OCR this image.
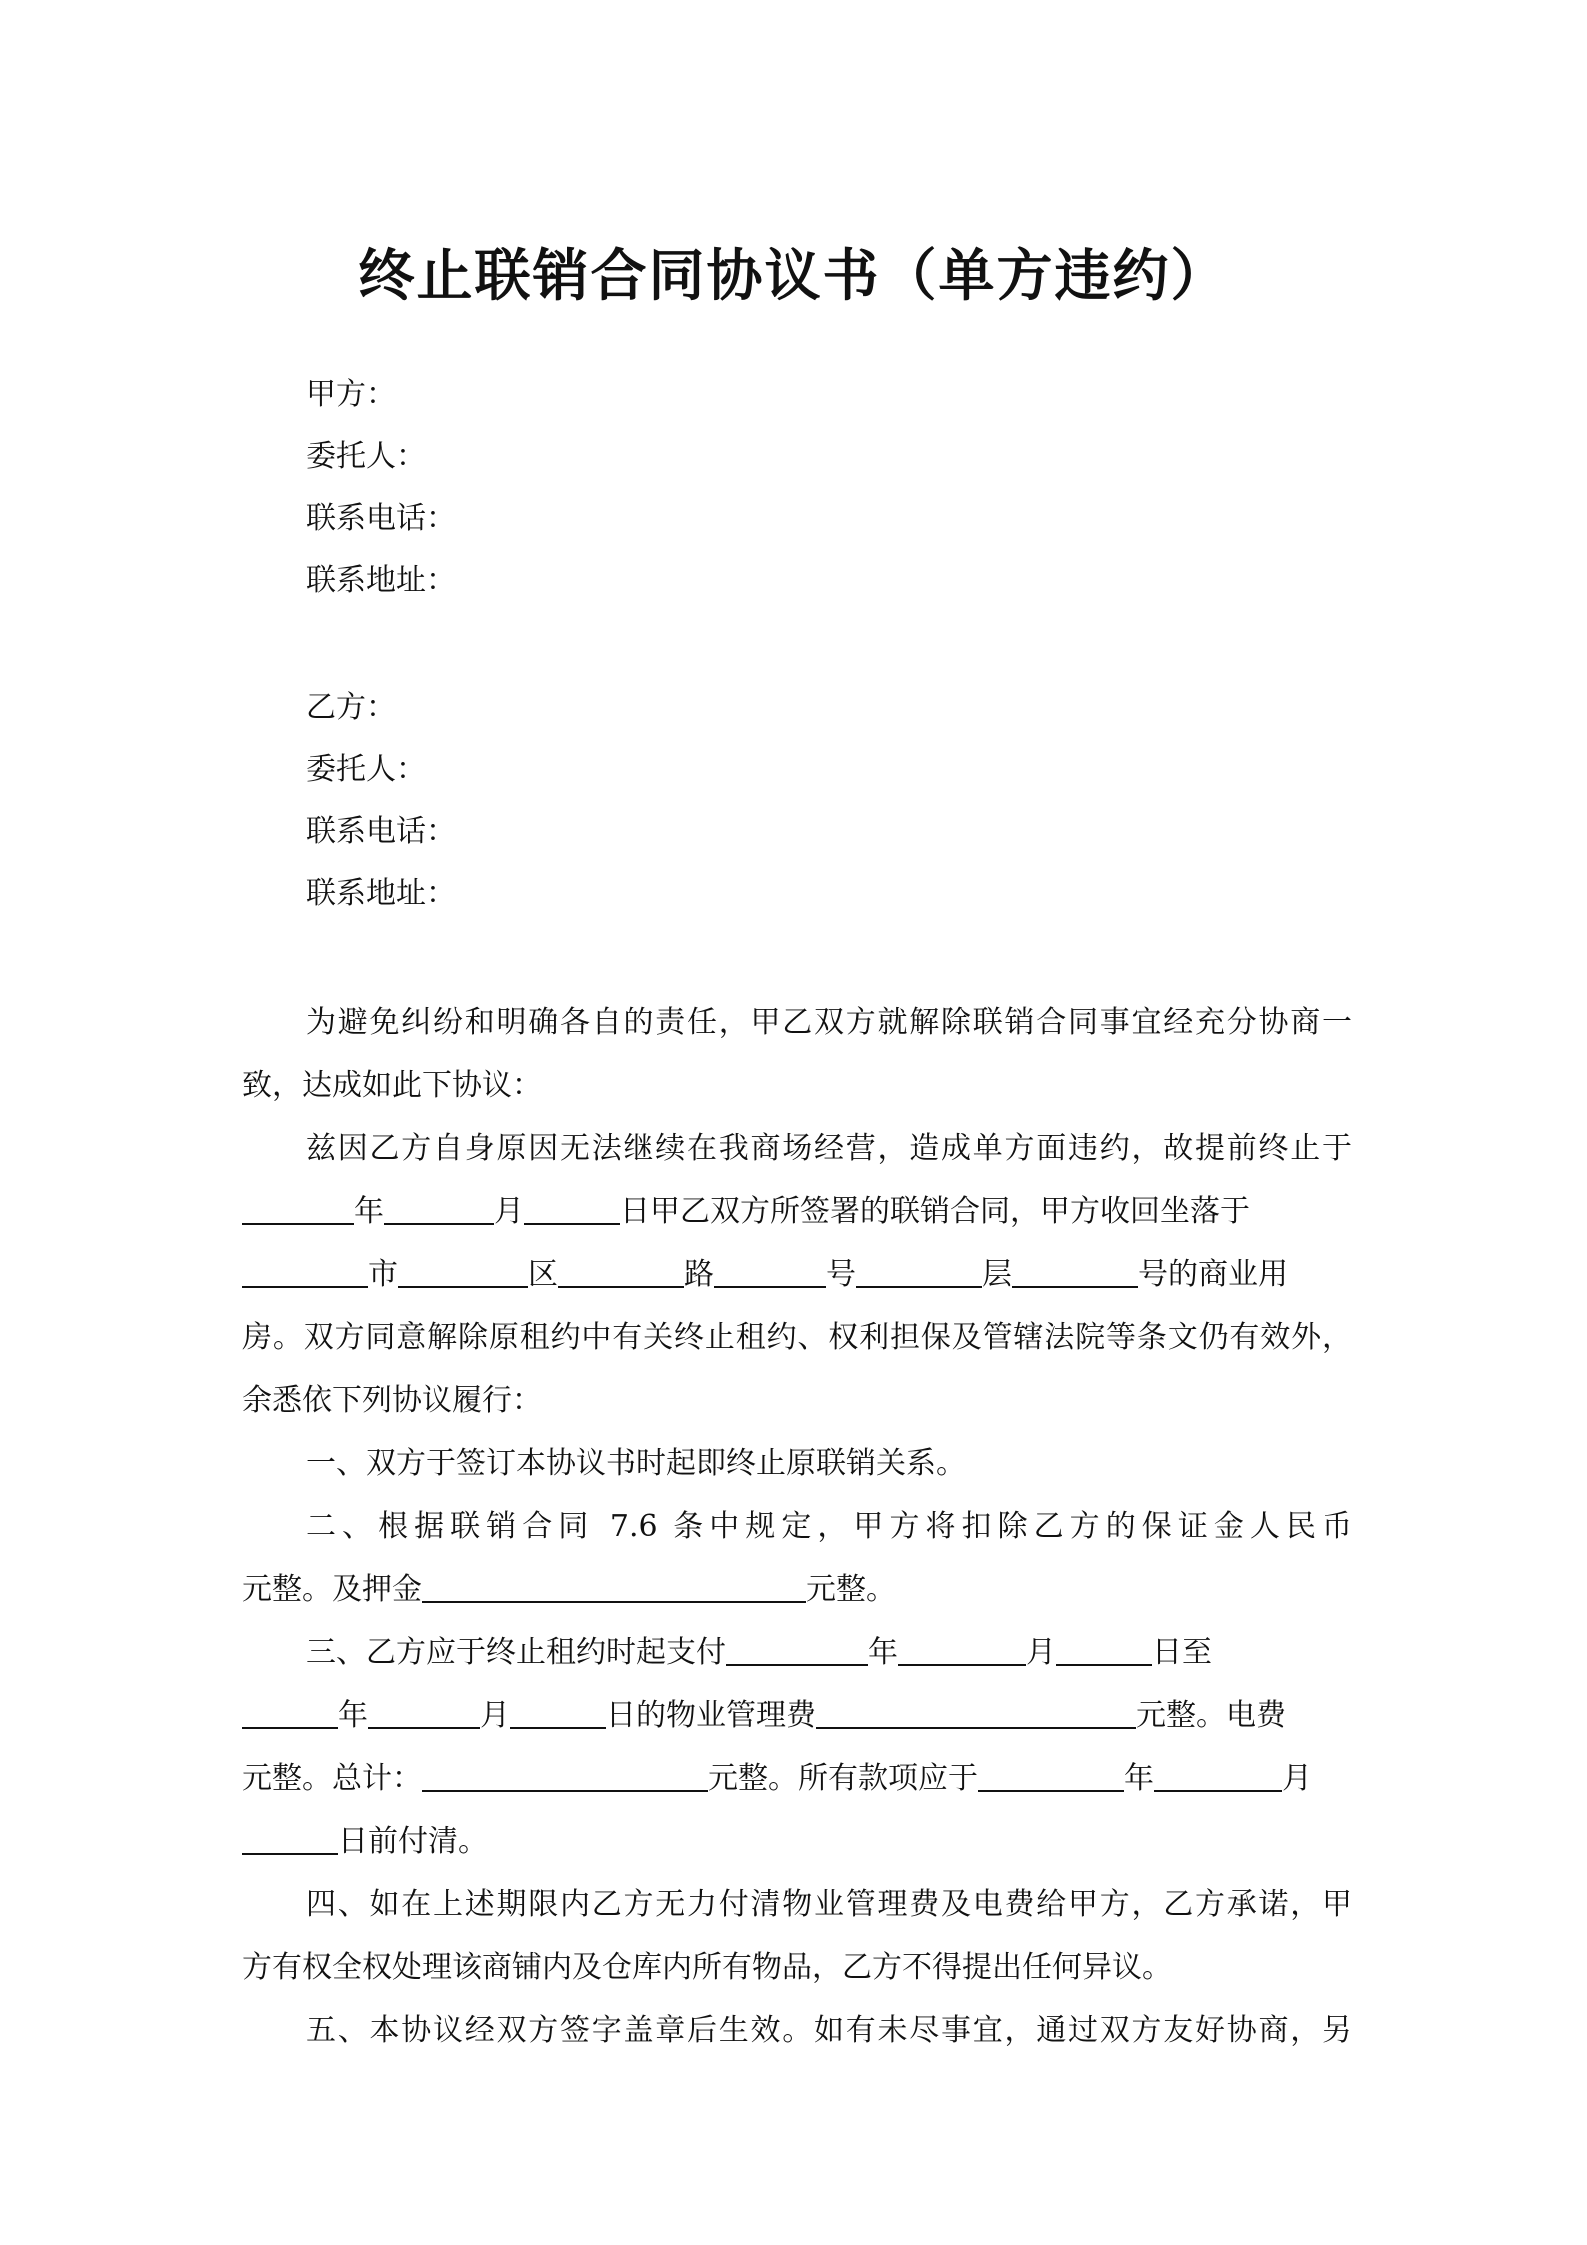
终止联销合同协议书（单方违约）
甲方：
委托人：
联系电话：
联系地址：
乙方：
委托人：
联系电话：
联系地址：
为避免纠纷和明确各自的责任，甲乙双方就解除联销合同事宜经充分协商一
致，达成如此下协议：
兹因乙方自身原因无法继续在我商场经营，造成单方面违约，故提前终止于
年	月	日甲乙双方所签署的联销合同，甲方收回坐落于
市	区	路	号	层	号的商业用
房。双方同意解除原租约中有关终止租约、权利担保及管辖法院等条文仍有效外，
余悉依下列协议履行：
一、双方于签订本协议书时起即终止原联销关系。
二、根据联销合同 7.6 条中规定，甲方将扣除乙方的保证金人民币
元整。及押金	元整。
三、乙方应于终止租约时起支付	年	月	日至
年	月	日的物业管理费	元整。电费
元整。总计：	元整。所有款项应于	年	月
日前付清。
四、如在上述期限内乙方无力付清物业管理费及电费给甲方，乙方承诺，甲
方有权全权处理该商铺内及仓库内所有物品，乙方不得提出任何异议。
五、本协议经双方签字盖章后生效。如有未尽事宜，通过双方友好协商，另
